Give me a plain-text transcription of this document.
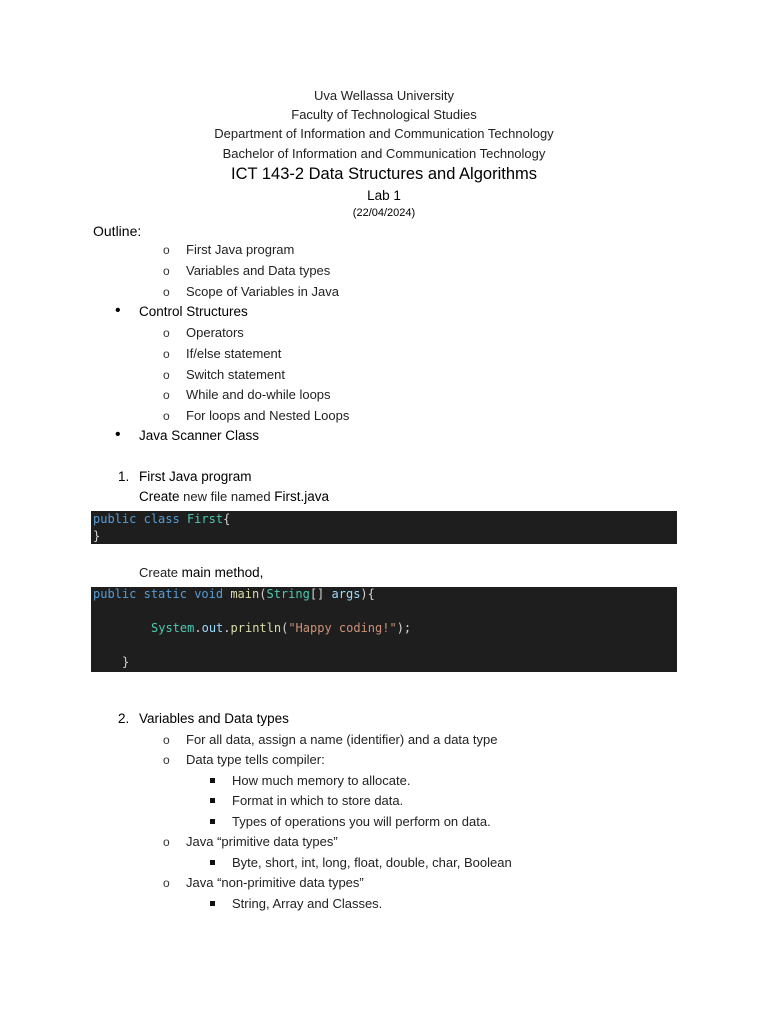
Uva Wellassa University
Faculty of Technological Studies
Department of Information and Communication Technology
Bachelor of Information and Communication Technology
ICT 143-2 Data Structures and Algorithms
Lab 1
(22/04/2024)
Outline:
o First Java program
o Variables and Data types
o Scope of Variables in Java
• Control Structures
o Operators
o If/else statement
o Switch statement
o While and do-while loops
o For loops and Nested Loops
• Java Scanner Class
1. First Java program
Create new file named First.java
public class First{
}
Create main method,
public static void main(String[] args){
System.out.println("Happy coding!");
}
2. Variables and Data types
o For all data, assign a name (identifier) and a data type
o Data type tells compiler:
How much memory to allocate.
Format in which to store data.
Types of operations you will perform on data.
o Java “primitive data types”
Byte, short, int, long, float, double, char, Boolean
o Java “non-primitive data types”
String, Array and Classes.
